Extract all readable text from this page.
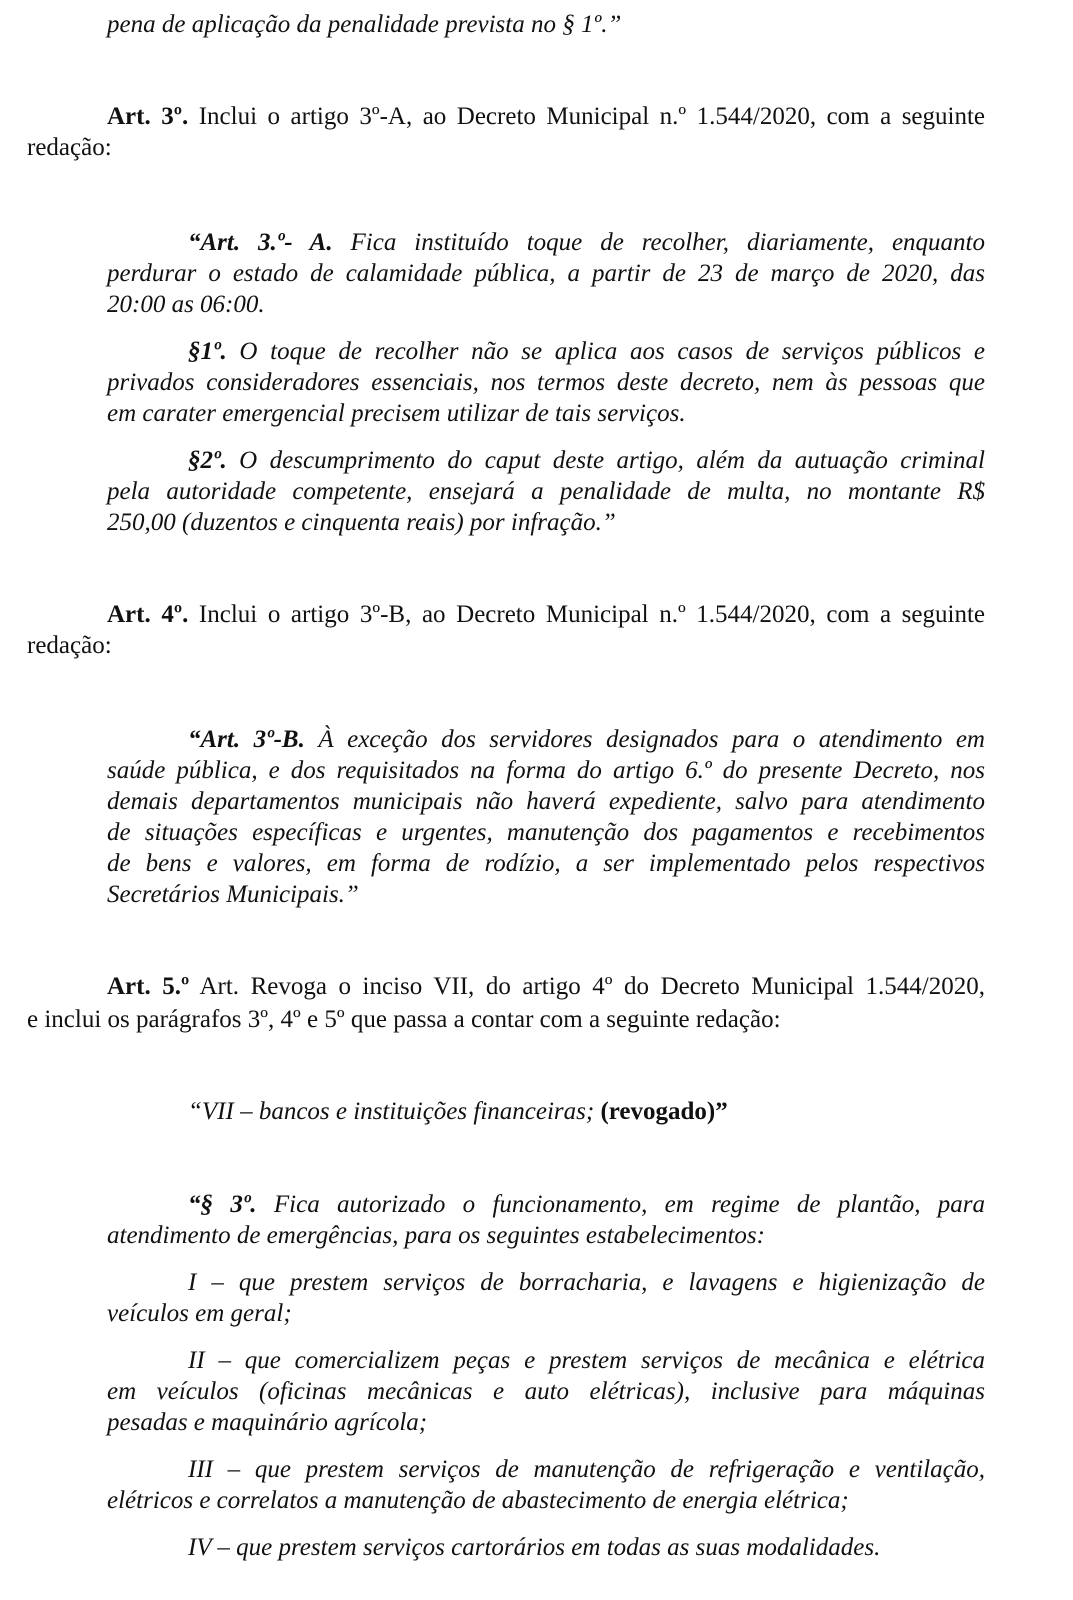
pena de aplicação da penalidade prevista no § 1º.”
Art. 3º. Inclui o artigo 3º-A, ao Decreto Municipal n.º 1.544/2020, com a seguinte
redação:
“Art. 3.º- A. Fica instituído toque de recolher, diariamente, enquanto
perdurar o estado de calamidade pública, a partir de 23 de março de 2020, das
20:00 as 06:00.
§1º. O toque de recolher não se aplica aos casos de serviços públicos e
privados consideradores essenciais, nos termos deste decreto, nem às pessoas que
em carater emergencial precisem utilizar de tais serviços.
§2º. O descumprimento do caput deste artigo, além da autuação criminal
pela autoridade competente, ensejará a penalidade de multa, no montante R$
250,00 (duzentos e cinquenta reais) por infração.”
Art. 4º. Inclui o artigo 3º-B, ao Decreto Municipal n.º 1.544/2020, com a seguinte
redação:
“Art. 3º-B. À exceção dos servidores designados para o atendimento em
saúde pública, e dos requisitados na forma do artigo 6.º do presente Decreto, nos
demais departamentos municipais não haverá expediente, salvo para atendimento
de situações específicas e urgentes, manutenção dos pagamentos e recebimentos
de bens e valores, em forma de rodízio, a ser implementado pelos respectivos
Secretários Municipais.”
Art. 5.º Art. Revoga o inciso VII, do artigo 4º do Decreto Municipal 1.544/2020,
e inclui os parágrafos 3º, 4º e 5º que passa a contar com a seguinte redação:
“VII – bancos e instituições financeiras; (revogado)”
“§ 3º. Fica autorizado o funcionamento, em regime de plantão, para
atendimento de emergências, para os seguintes estabelecimentos:
I – que prestem serviços de borracharia, e lavagens e higienização de
veículos em geral;
II – que comercializem peças e prestem serviços de mecânica e elétrica
em veículos (oficinas mecânicas e auto elétricas), inclusive para máquinas
pesadas e maquinário agrícola;
III – que prestem serviços de manutenção de refrigeração e ventilação,
elétricos e correlatos a manutenção de abastecimento de energia elétrica;
IV – que prestem serviços cartorários em todas as suas modalidades.
